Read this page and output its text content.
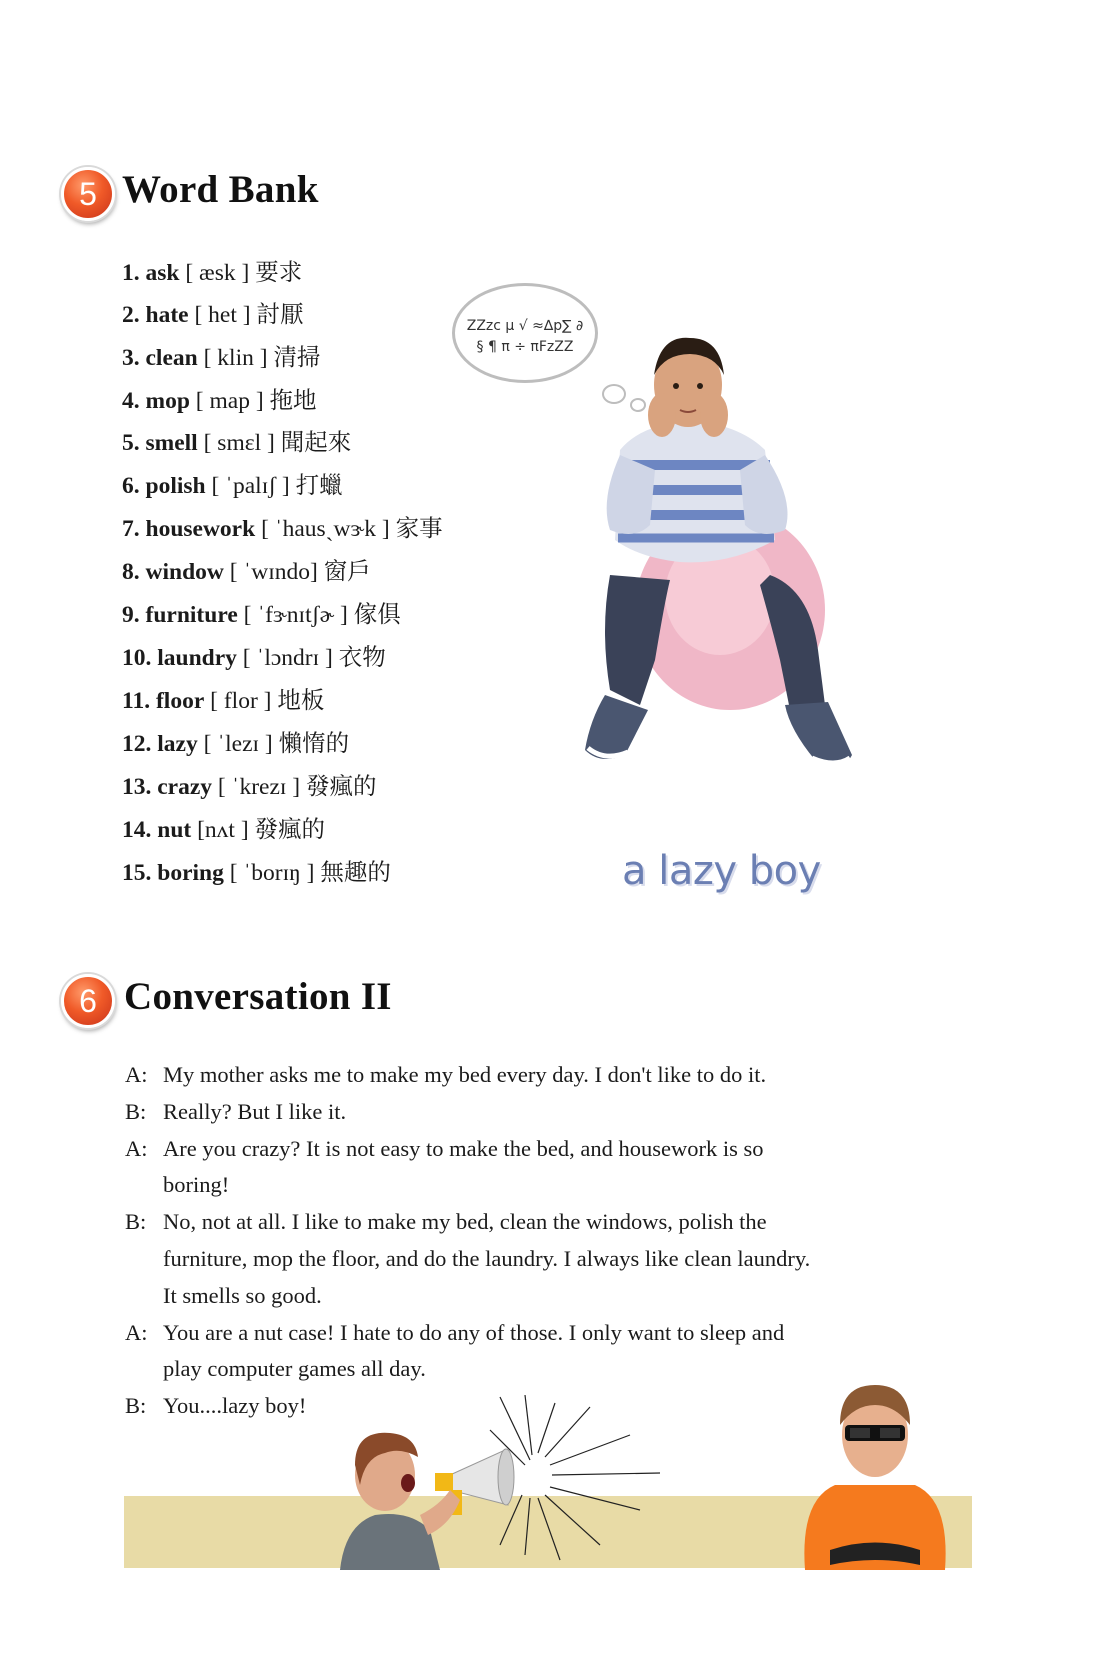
5 Word Bank
1. ask [ æsk ] 要求
2. hate [ het ] 討厭
3. clean [ klin ] 清掃
4. mop [ map ] 拖地
5. smell [ smɛl ] 聞起來
6. polish [ ˈpalɪʃ ] 打蠟
7. housework [ ˈhausˏwɝk ] 家事
8. window [ ˈwɪndo] 窗戶
9. furniture [ ˈfɝnɪtʃɚ ] 傢俱
10. laundry [ ˈlɔndrɪ ] 衣物
11. floor [ flor ] 地板
12. lazy [ ˈlezɪ ] 懶惰的
13. crazy [ ˈkrezɪ ] 發瘋的
14. nut [nʌt ] 發瘋的
15. boring [ ˈborɪŋ ] 無趣的
ZZzc μ √ ≈∆p∑ ∂
§ ¶ π ÷ πFzZZ
a lazy boy
6 Conversation II
A: My mother asks me to make my bed every day. I don't like to do it.
B: Really? But I like it.
A: Are you crazy? It is not easy to make the bed, and housework is so
boring!
B: No, not at all. I like to make my bed, clean the windows, polish the
furniture, mop the floor, and do the laundry. I always like clean laundry.
It smells so good.
A: You are a nut case! I hate to do any of those. I only want to sleep and
play computer games all day.
B: You....lazy boy!
